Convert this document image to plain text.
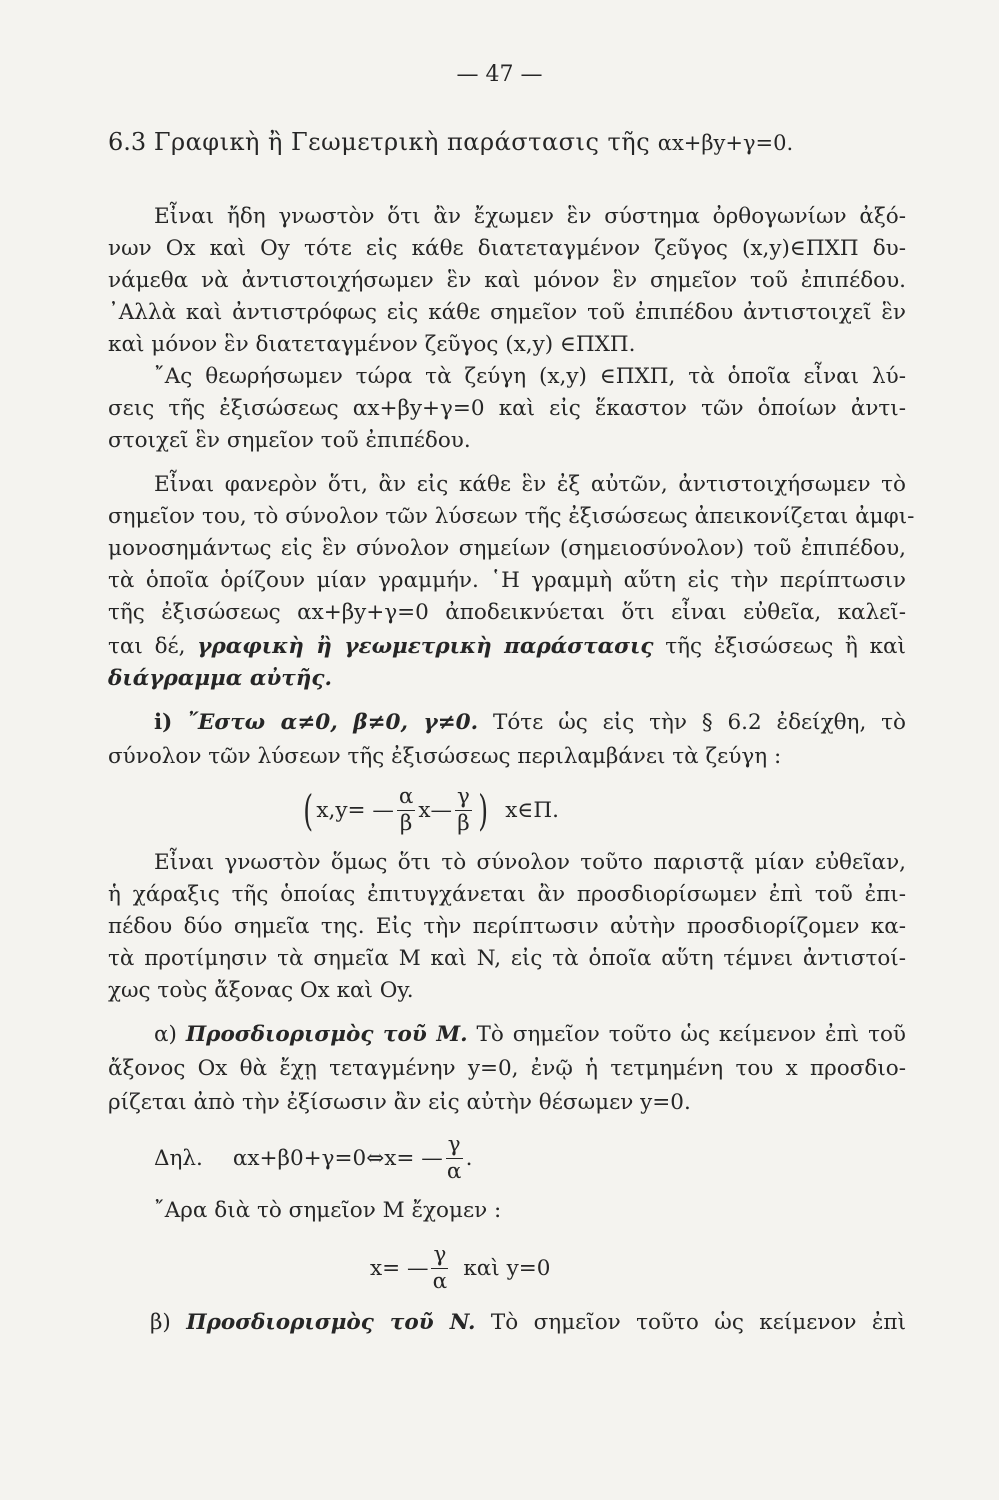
— 47 —
6.3 Γραφικὴ ἢ Γεωμετρικὴ παράστασις τῆς αx+βy+γ=0.
Εἶναι ἤδη γνωστὸν ὅτι ἂν ἔχωμεν ἓν σύστημα ὀρθογωνίων ἀξό-
νων Ox καὶ Oy τότε εἰς κάθε διατεταγμένον ζεῦγος (x,y)∈ΠΧΠ δυ-
νάμεθα νὰ ἀντιστοιχήσωμεν ἓν καὶ μόνον ἓν σημεῖον τοῦ ἐπιπέδου.
᾿Αλλὰ καὶ ἀντιστρόφως εἰς κάθε σημεῖον τοῦ ἐπιπέδου ἀντιστοιχεῖ ἓν
καὶ μόνον ἓν διατεταγμένον ζεῦγος (x,y) ∈ΠΧΠ.
῎Ας θεωρήσωμεν τώρα τὰ ζεύγη (x,y) ∈ΠΧΠ, τὰ ὁποῖα εἶναι λύ-
σεις τῆς ἐξισώσεως αx+βy+γ=0 καὶ εἰς ἕκαστον τῶν ὁποίων ἀντι-
στοιχεῖ ἓν σημεῖον τοῦ ἐπιπέδου.
Εἶναι φανερὸν ὅτι, ἂν εἰς κάθε ἓν ἐξ αὐτῶν, ἀντιστοιχήσωμεν τὸ
σημεῖον του, τὸ σύνολον τῶν λύσεων τῆς ἐξισώσεως ἀπεικονίζεται ἀμφι-
μονοσημάντως εἰς ἓν σύνολον σημείων (σημειοσύνολον) τοῦ ἐπιπέδου,
τὰ ὁποῖα ὁρίζουν μίαν γραμμήν. ῾Η γραμμὴ αὕτη εἰς τὴν περίπτωσιν
τῆς ἐξισώσεως αx+βy+γ=0 ἀποδεικνύεται ὅτι εἶναι εὐθεῖα, καλεῖ-
ται δέ, γραφικὴ ἢ γεωμετρικὴ παράστασις τῆς ἐξισώσεως ἢ καὶ
διάγραμμα αὐτῆς.
i) ῎Εστω α≠0, β≠0, γ≠0. Τότε ὡς εἰς τὴν § 6.2 ἐδείχθη, τὸ
σύνολον τῶν λύσεων τῆς ἐξισώσεως περιλαμβάνει τὰ ζεύγη :
( x,y= — $\frac{\alpha}{\beta}$ x— $\frac{\gamma}{\beta}$ ) x∈Π.
Εἶναι γνωστὸν ὅμως ὅτι τὸ σύνολον τοῦτο παριστᾷ μίαν εὐθεῖαν,
ἡ χάραξις τῆς ὁποίας ἐπιτυγχάνεται ἂν προσδιορίσωμεν ἐπὶ τοῦ ἐπι-
πέδου δύο σημεῖα της. Εἰς τὴν περίπτωσιν αὐτὴν προσδιορίζομεν κα-
τὰ προτίμησιν τὰ σημεῖα M καὶ N, εἰς τὰ ὁποῖα αὕτη τέμνει ἀντιστοί-
χως τοὺς ἄξονας Ox καὶ Oy.
α) Προσδιορισμὸς τοῦ M. Τὸ σημεῖον τοῦτο ὡς κείμενον ἐπὶ τοῦ
ἄξονος Ox θὰ ἔχῃ τεταγμένην y=0, ἐνῷ ἡ τετμημένη του x προσδιο-
ρίζεται ἀπὸ τὴν ἐξίσωσιν ἂν εἰς αὐτὴν θέσωμεν y=0.
Δηλ. αx+β0+γ=0⇔x= — $\frac{\gamma}{\alpha}$ .
῎Αρα διὰ τὸ σημεῖον M ἔχομεν :
x= — $\frac{\gamma}{\alpha}$ καὶ y=0
β) Προσδιορισμὸς τοῦ N. Τὸ σημεῖον τοῦτο ὡς κείμενον ἐπὶ
